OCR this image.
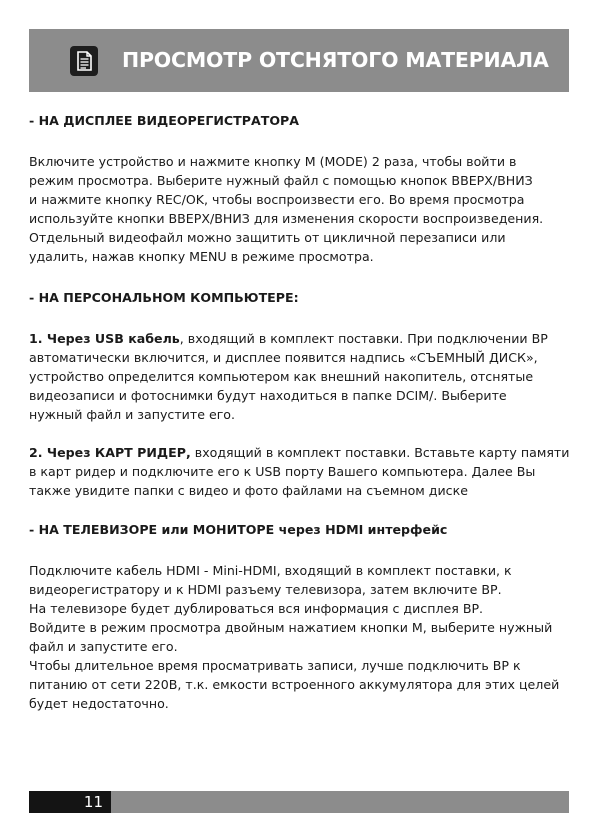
ПРОСМОТР ОТСНЯТОГО МАТЕРИАЛА
- НА ДИСПЛЕЕ ВИДЕОРЕГИСТРАТОРА
Включите устройство и нажмите кнопку M (MODE) 2 раза, чтобы войти в
режим просмотра. Выберите нужный файл с помощью кнопок ВВЕРХ/ВНИЗ
и нажмите кнопку REC/OK, чтобы воспроизвести его. Во время просмотра
используйте кнопки ВВЕРХ/ВНИЗ для изменения скорости воспроизведения.
Отдельный видеофайл можно защитить от цикличной перезаписи или
удалить, нажав кнопку MENU в режиме просмотра.
- НА ПЕРСОНАЛЬНОМ КОМПЬЮТЕРЕ:
1. Через USB кабель, входящий в комплект поставки. При подключении ВР
автоматически включится, и дисплее появится надпись «СЪЕМНЫЙ ДИСК»,
устройство определится компьютером как внешний накопитель, отснятые
видеозаписи и фотоснимки будут находиться в папке DCIM/. Выберите
нужный файл и запустите его.
2. Через КАРТ РИДЕР, входящий в комплект поставки. Вставьте карту памяти
в карт ридер и подключите его к USB порту Вашего компьютера. Далее Вы
также увидите папки с видео и фото файлами на съемном диске
- НА ТЕЛЕВИЗОРЕ или МОНИТОРЕ через HDMI интерфейс
Подключите кабель HDMI - Mini-HDMI, входящий в комплект поставки, к
видеорегистратору и к HDMI разъему телевизора, затем включите ВР.
На телевизоре будет дублироваться вся информация с дисплея ВР.
Войдите в режим просмотра двойным нажатием кнопки M, выберите нужный
файл и запустите его.
Чтобы длительное время просматривать записи, лучше подключить ВР к
питанию от сети 220В, т.к. емкости встроенного аккумулятора для этих целей
будет недостаточно.
11
